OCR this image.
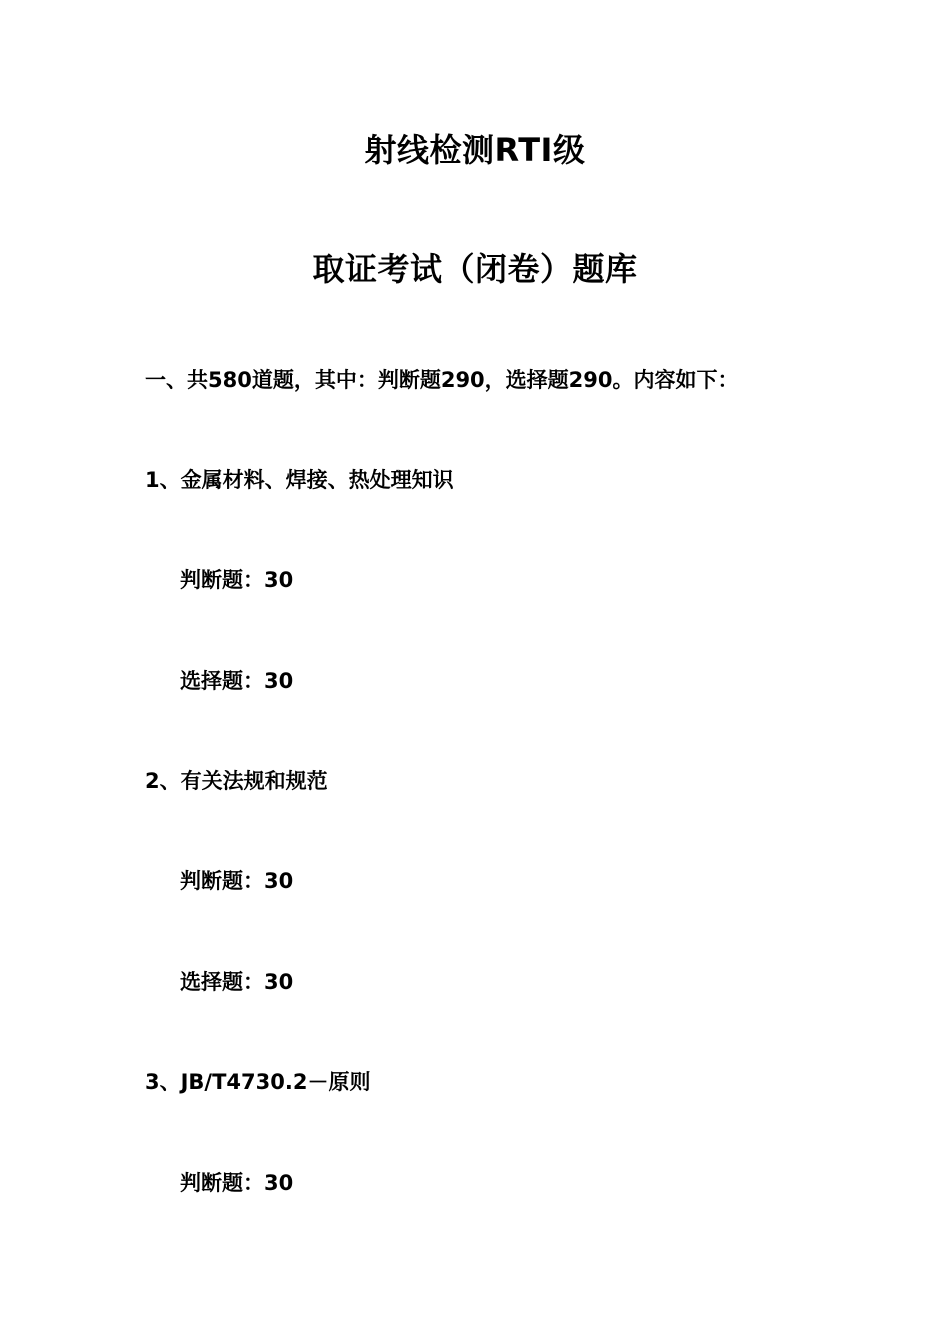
射线检测RTⅠ级
取证考试（闭卷）题库
一、共580道题，其中：判断题290，选择题290。内容如下：
1、金属材料、焊接、热处理知识
判断题：30
选择题：30
2、有关法规和规范
判断题：30
选择题：30
3、JB/T4730.2－原则
判断题：30
